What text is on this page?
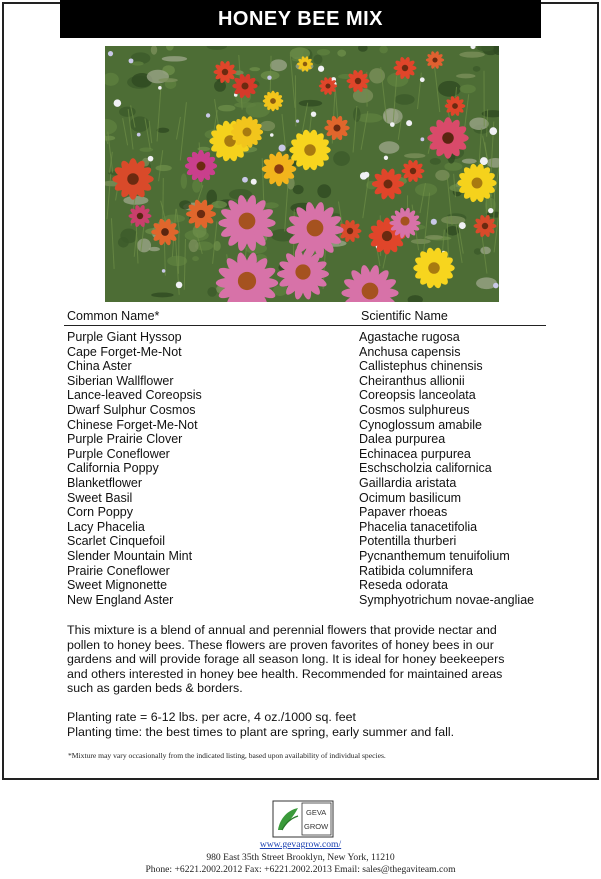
HONEY BEE MIX
Common Name*	Scientific Name
Purple Giant Hyssop	Agastache rugosa
Cape Forget-Me-Not	Anchusa capensis
China Aster	Callistephus chinensis
Siberian Wallflower	Cheiranthus allionii
Lance-leaved Coreopsis	Coreopsis lanceolata
Dwarf Sulphur Cosmos	Cosmos sulphureus
Chinese Forget-Me-Not	Cynoglossum amabile
Purple Prairie Clover	Dalea purpurea
Purple Coneflower	Echinacea purpurea
California Poppy	Eschscholzia californica
Blanketflower	Gaillardia aristata
Sweet Basil	Ocimum basilicum
Corn Poppy	Papaver rhoeas
Lacy Phacelia	Phacelia tanacetifolia
Scarlet Cinquefoil	Potentilla thurberi
Slender Mountain Mint	Pycnanthemum tenuifolium
Prairie Coneflower	Ratibida columnifera
Sweet Mignonette	Reseda odorata
New England Aster	Symphyotrichum novae-angliae
This mixture is a blend of annual and perennial flowers that provide nectar and
pollen to honey bees. These flowers are proven favorites of honey bees in our
gardens and will provide forage all season long. It is ideal for honey beekeepers
and others interested in honey bee health. Recommended for maintained areas
such as garden beds & borders.
Planting rate = 6-12 lbs. per acre, 4 oz./1000 sq. feet
Planting time: the best times to plant are spring, early summer and fall.
*Mixture may vary occasionally from the indicated listing, based upon availability of individual species.
GEVA
GROW
www.gevagrow.com/
980 East 35th Street Brooklyn, New York, 11210
Phone: +6221.2002.2012 Fax: +6221.2002.2013 Email: sales@thegaviteam.com
